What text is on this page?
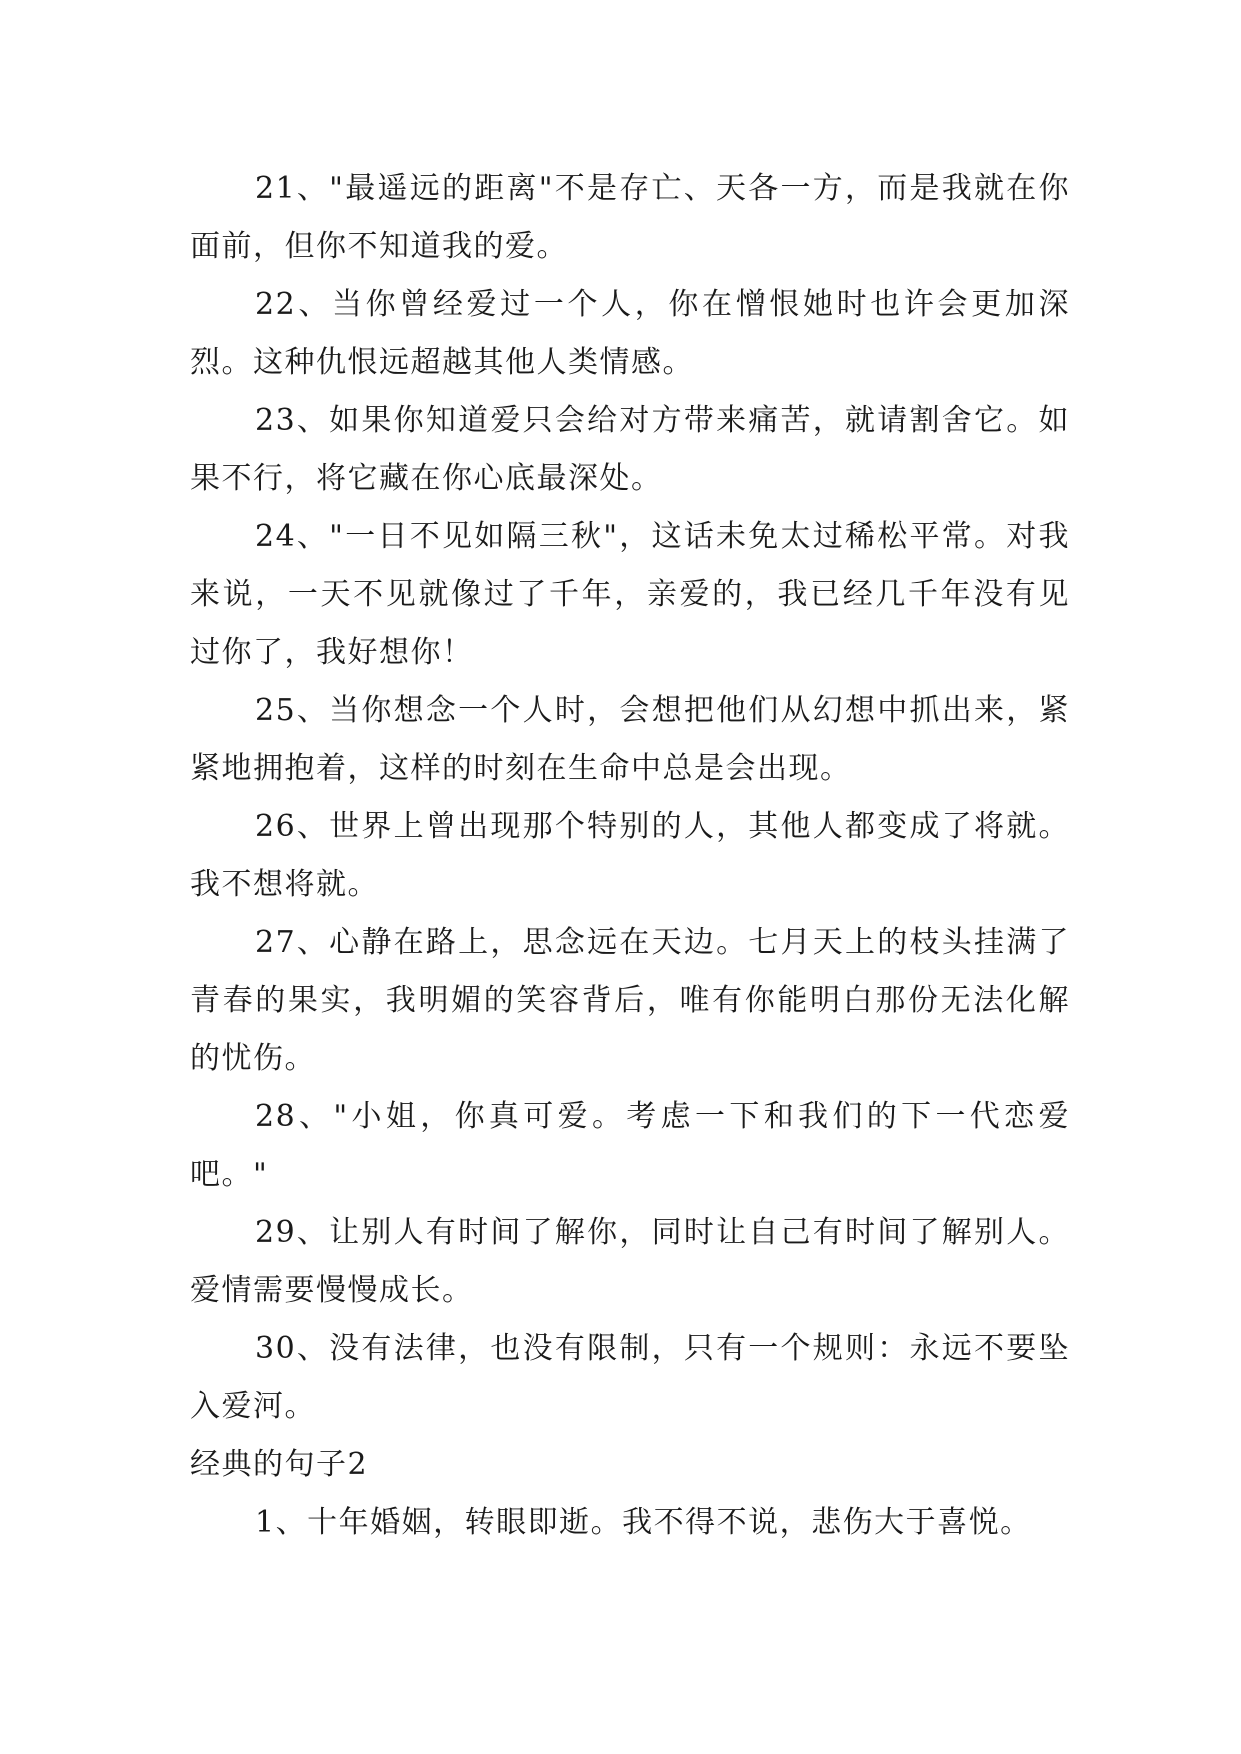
21、"最遥远的距离"不是存亡、天各一方，而是我就在你面前，但你不知道我的爱。

22、当你曾经爱过一个人，你在憎恨她时也许会更加深烈。这种仇恨远超越其他人类情感。

23、如果你知道爱只会给对方带来痛苦，就请割舍它。如果不行，将它藏在你心底最深处。

24、"一日不见如隔三秋"，这话未免太过稀松平常。对我来说，一天不见就像过了千年，亲爱的，我已经几千年没有见过你了，我好想你！

25、当你想念一个人时，会想把他们从幻想中抓出来，紧紧地拥抱着，这样的时刻在生命中总是会出现。

26、世界上曾出现那个特别的人，其他人都变成了将就。我不想将就。

27、心静在路上，思念远在天边。七月天上的枝头挂满了青春的果实，我明媚的笑容背后，唯有你能明白那份无法化解的忧伤。

28、"小姐，你真可爱。考虑一下和我们的下一代恋爱吧。"

29、让别人有时间了解你，同时让自己有时间了解别人。爱情需要慢慢成长。

30、没有法律，也没有限制，只有一个规则：永远不要坠入爱河。

经典的句子2

1、十年婚姻，转眼即逝。我不得不说，悲伤大于喜悦。
